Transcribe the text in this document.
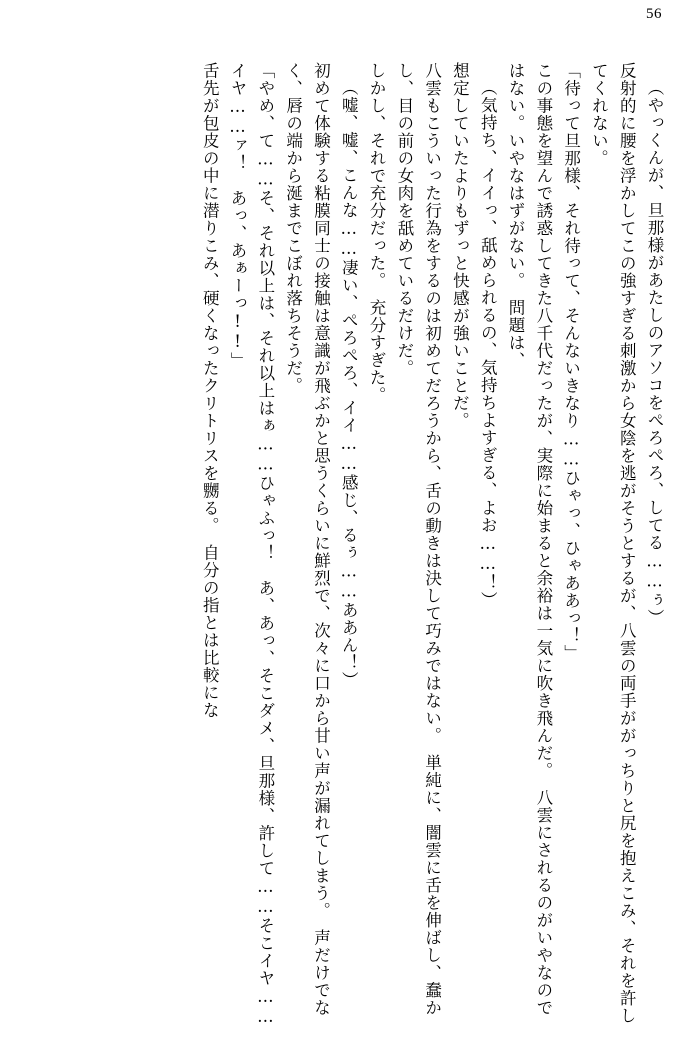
56

（やっくんが、旦那様があたしのアソコをぺろぺろ、してる……ぅ）

反射的に腰を浮かしてこの強すぎる刺激から女陰を逃がそうとするが、八雲の両手ががっちりと尻を抱えこみ、それを許してくれない。

「待って旦那様、それ待って、そんないきなり……ひゃっ、ひゃああっ！」

この事態を望んで誘惑してきた八千代だったが、実際に始まると余裕は一気に吹き飛んだ。　八雲にされるのがいやなのではない。いやなはずがない。　問題は、

（気持ち、イイっ、舐められるの、気持ちよすぎる、よお……！）

想定していたよりもずっと快感が強いことだ。

八雲もこういった行為をするのは初めてだろうから、舌の動きは決して巧みではない。　単純に、闇雲に舌を伸ばし、蠢かし、目の前の女肉を舐めているだけだ。

しかし、それで充分だった。　充分すぎた。

（嘘、嘘、こんな……凄い、ぺろぺろ、イイ……感じ、るぅ……ああん！）

初めて体験する粘膜同士の接触は意識が飛ぶかと思うくらいに鮮烈で、次々に口から甘い声が漏れてしまう。　声だけでなく、唇の端から涎までこぼれ落ちそうだ。

「やめ、て……そ、それ以上は、それ以上はぁ……ひゃふっ！　あ、あっ、そこダメ、旦那様、許して……そこイヤ……イヤ……ァ！　あっ、あぁーっ!!」

舌先が包皮の中に潜りこみ、硬くなったクリトリスを嬲る。　自分の指とは比較にな
